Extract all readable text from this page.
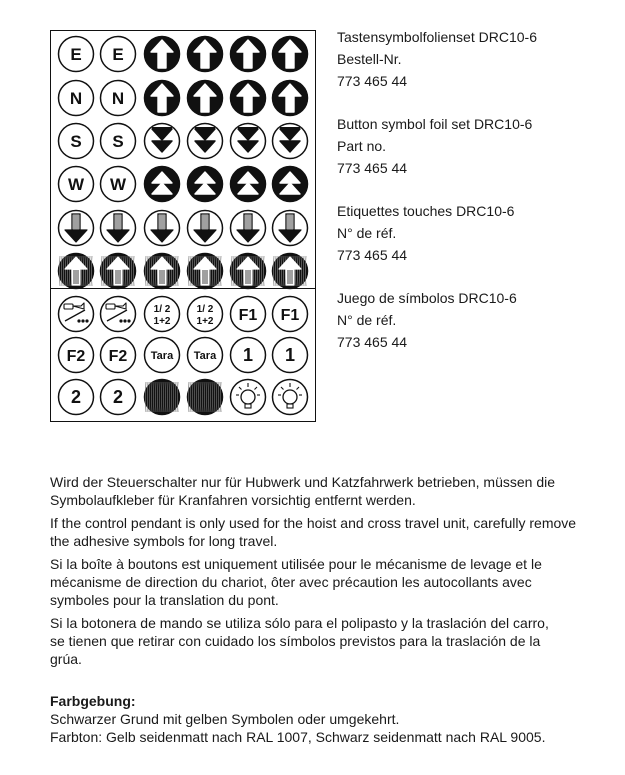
E E
N N
S S
W W
1/ 2
1+2
1/ 2
1+2 F1 F1
F2 F2 Tara Tara 1 1
2 2
Tastensymbolfolienset DRC10-6
Bestell-Nr.
773 465 44
Button symbol foil set DRC10-6
Part no.
773 465 44
Etiquettes touches DRC10-6
N° de réf.
773 465 44
Juego de símbolos DRC10-6
N° de réf.
773 465 44
Wird der Steuerschalter nur für Hubwerk und Katzfahrwerk betrieben, müssen die
Symbolaufkleber für Kranfahren vorsichtig entfernt werden.
If the control pendant is only used for the hoist and cross travel unit, carefully remove
the adhesive symbols for long travel.
Si la boîte à boutons est uniquement utilisée pour le mécanisme de levage et le
mécanisme de direction du chariot, ôter avec précaution les autocollants avec
symboles pour la translation du pont.
Si la botonera de mando se utiliza sólo para el polipasto y la traslación del carro,
se tienen que retirar con cuidado los símbolos previstos para la traslación de la
grúa.
Farbgebung:
Schwarzer Grund mit gelben Symbolen oder umgekehrt.
Farbton: Gelb seidenmatt nach RAL 1007, Schwarz seidenmatt nach RAL 9005.
